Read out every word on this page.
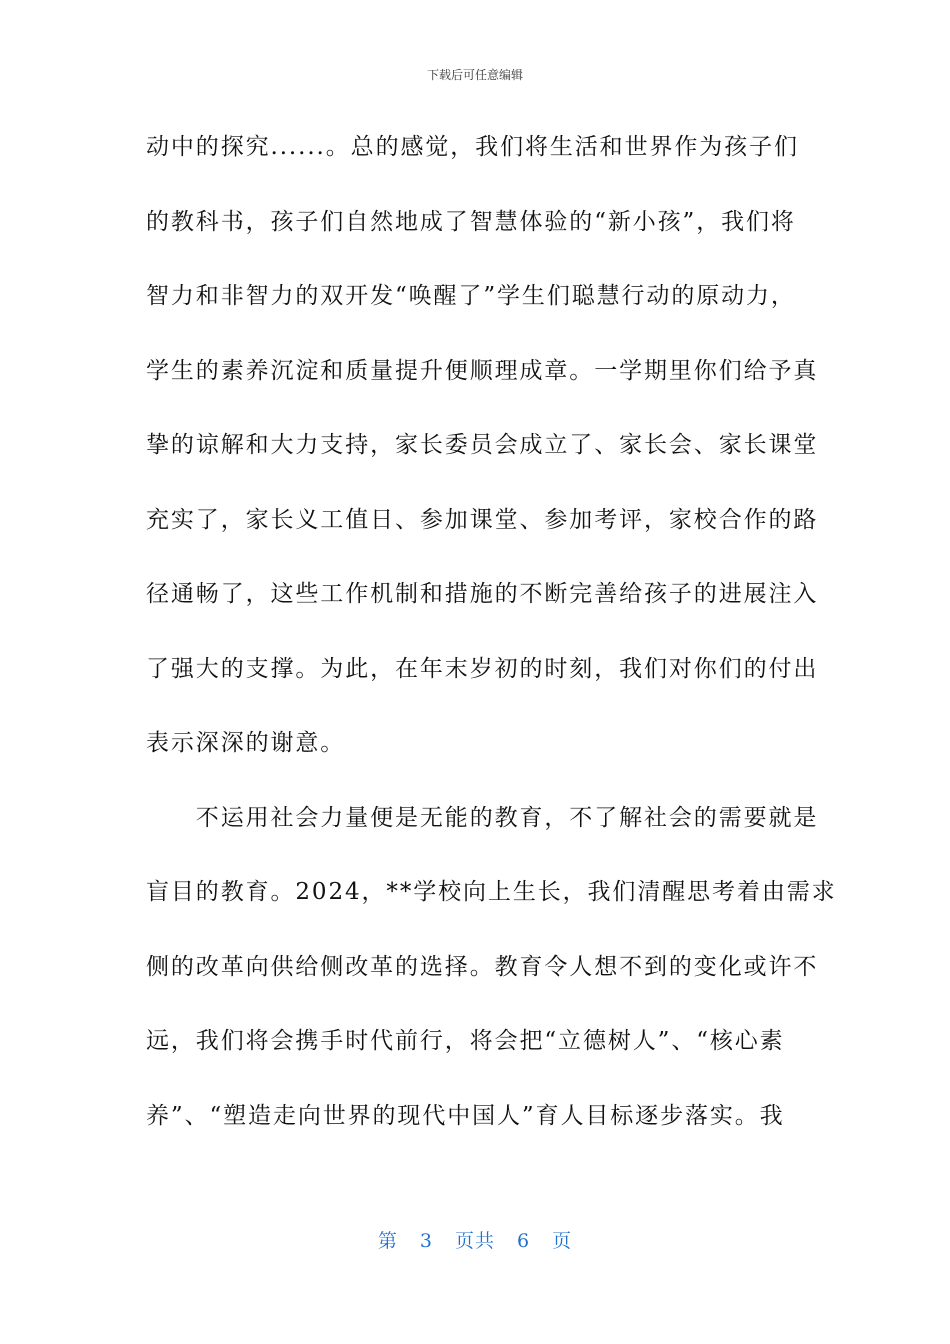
下载后可任意编辑
动中的探究......。总的感觉，我们将生活和世界作为孩子们
的教科书，孩子们自然地成了智慧体验的“新小孩”，我们将
智力和非智力的双开发“唤醒了”学生们聪慧行动的原动力，
学生的素养沉淀和质量提升便顺理成章。一学期里你们给予真
挚的谅解和大力支持，家长委员会成立了、家长会、家长课堂
充实了，家长义工值日、参加课堂、参加考评，家校合作的路
径通畅了，这些工作机制和措施的不断完善给孩子的进展注入
了强大的支撑。为此，在年末岁初的时刻，我们对你们的付出
表示深深的谢意。
　　不运用社会力量便是无能的教育，不了解社会的需要就是
盲目的教育。2024，**学校向上生长，我们清醒思考着由需求
侧的改革向供给侧改革的选择。教育令人想不到的变化或许不
远，我们将会携手时代前行，将会把“立德树人”、“核心素
养”、“塑造走向世界的现代中国人”育人目标逐步落实。我
第 3 页共 6 页
